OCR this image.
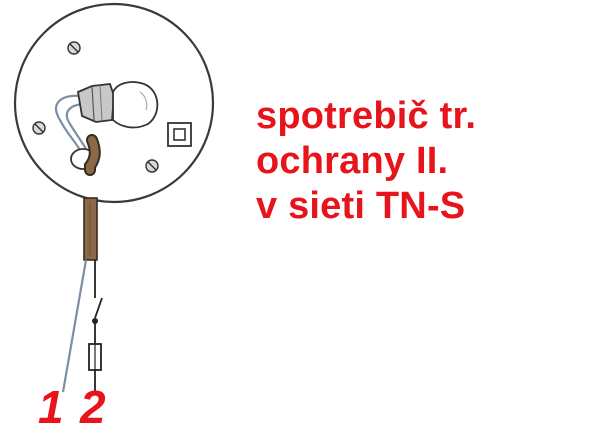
spotrebič tr.
ochrany II.
v sieti TN-S
1 2
